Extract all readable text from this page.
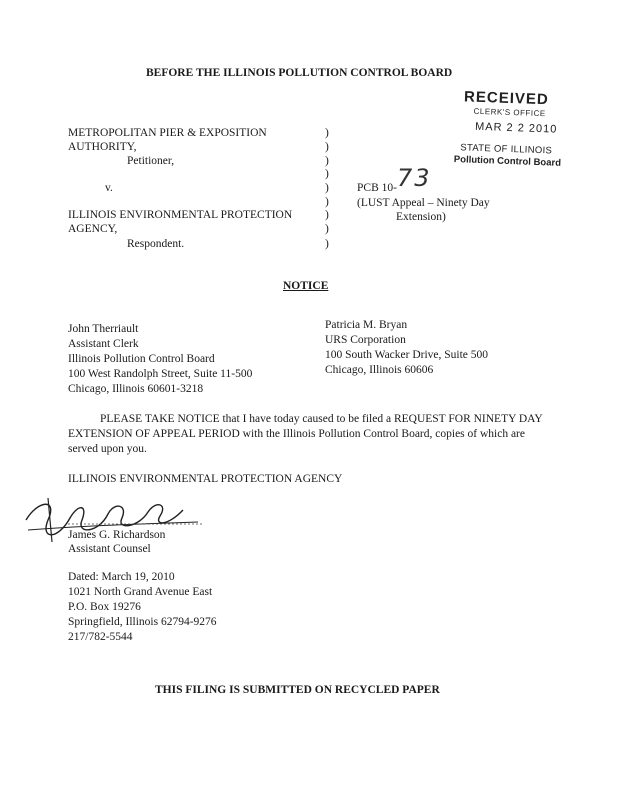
BEFORE THE ILLINOIS POLLUTION CONTROL BOARD
RECEIVED
CLERK'S OFFICE
MAR 2 2 2010
STATE OF ILLINOIS
Pollution Control Board
METROPOLITAN PIER & EXPOSITION
AUTHORITY,
Petitioner,
v.
ILLINOIS ENVIRONMENTAL PROTECTION
AGENCY,
Respondent.
)
)
)
)
)
)
)
)
)
PCB 10- 73
(LUST Appeal – Ninety Day
Extension)
NOTICE
John Therriault
Assistant Clerk
Illinois Pollution Control Board
100 West Randolph Street, Suite 11-500
Chicago, Illinois 60601-3218
Patricia M. Bryan
URS Corporation
100 South Wacker Drive, Suite 500
Chicago, Illinois 60606
PLEASE TAKE NOTICE that I have today caused to be filed a REQUEST FOR NINETY DAY EXTENSION OF APPEAL PERIOD with the Illinois Pollution Control Board, copies of which are served upon you.
ILLINOIS ENVIRONMENTAL PROTECTION AGENCY
James G. Richardson
Assistant Counsel
Dated: March 19, 2010
1021 North Grand Avenue East
P.O. Box 19276
Springfield, Illinois 62794-9276
217/782-5544
THIS FILING IS SUBMITTED ON RECYCLED PAPER
